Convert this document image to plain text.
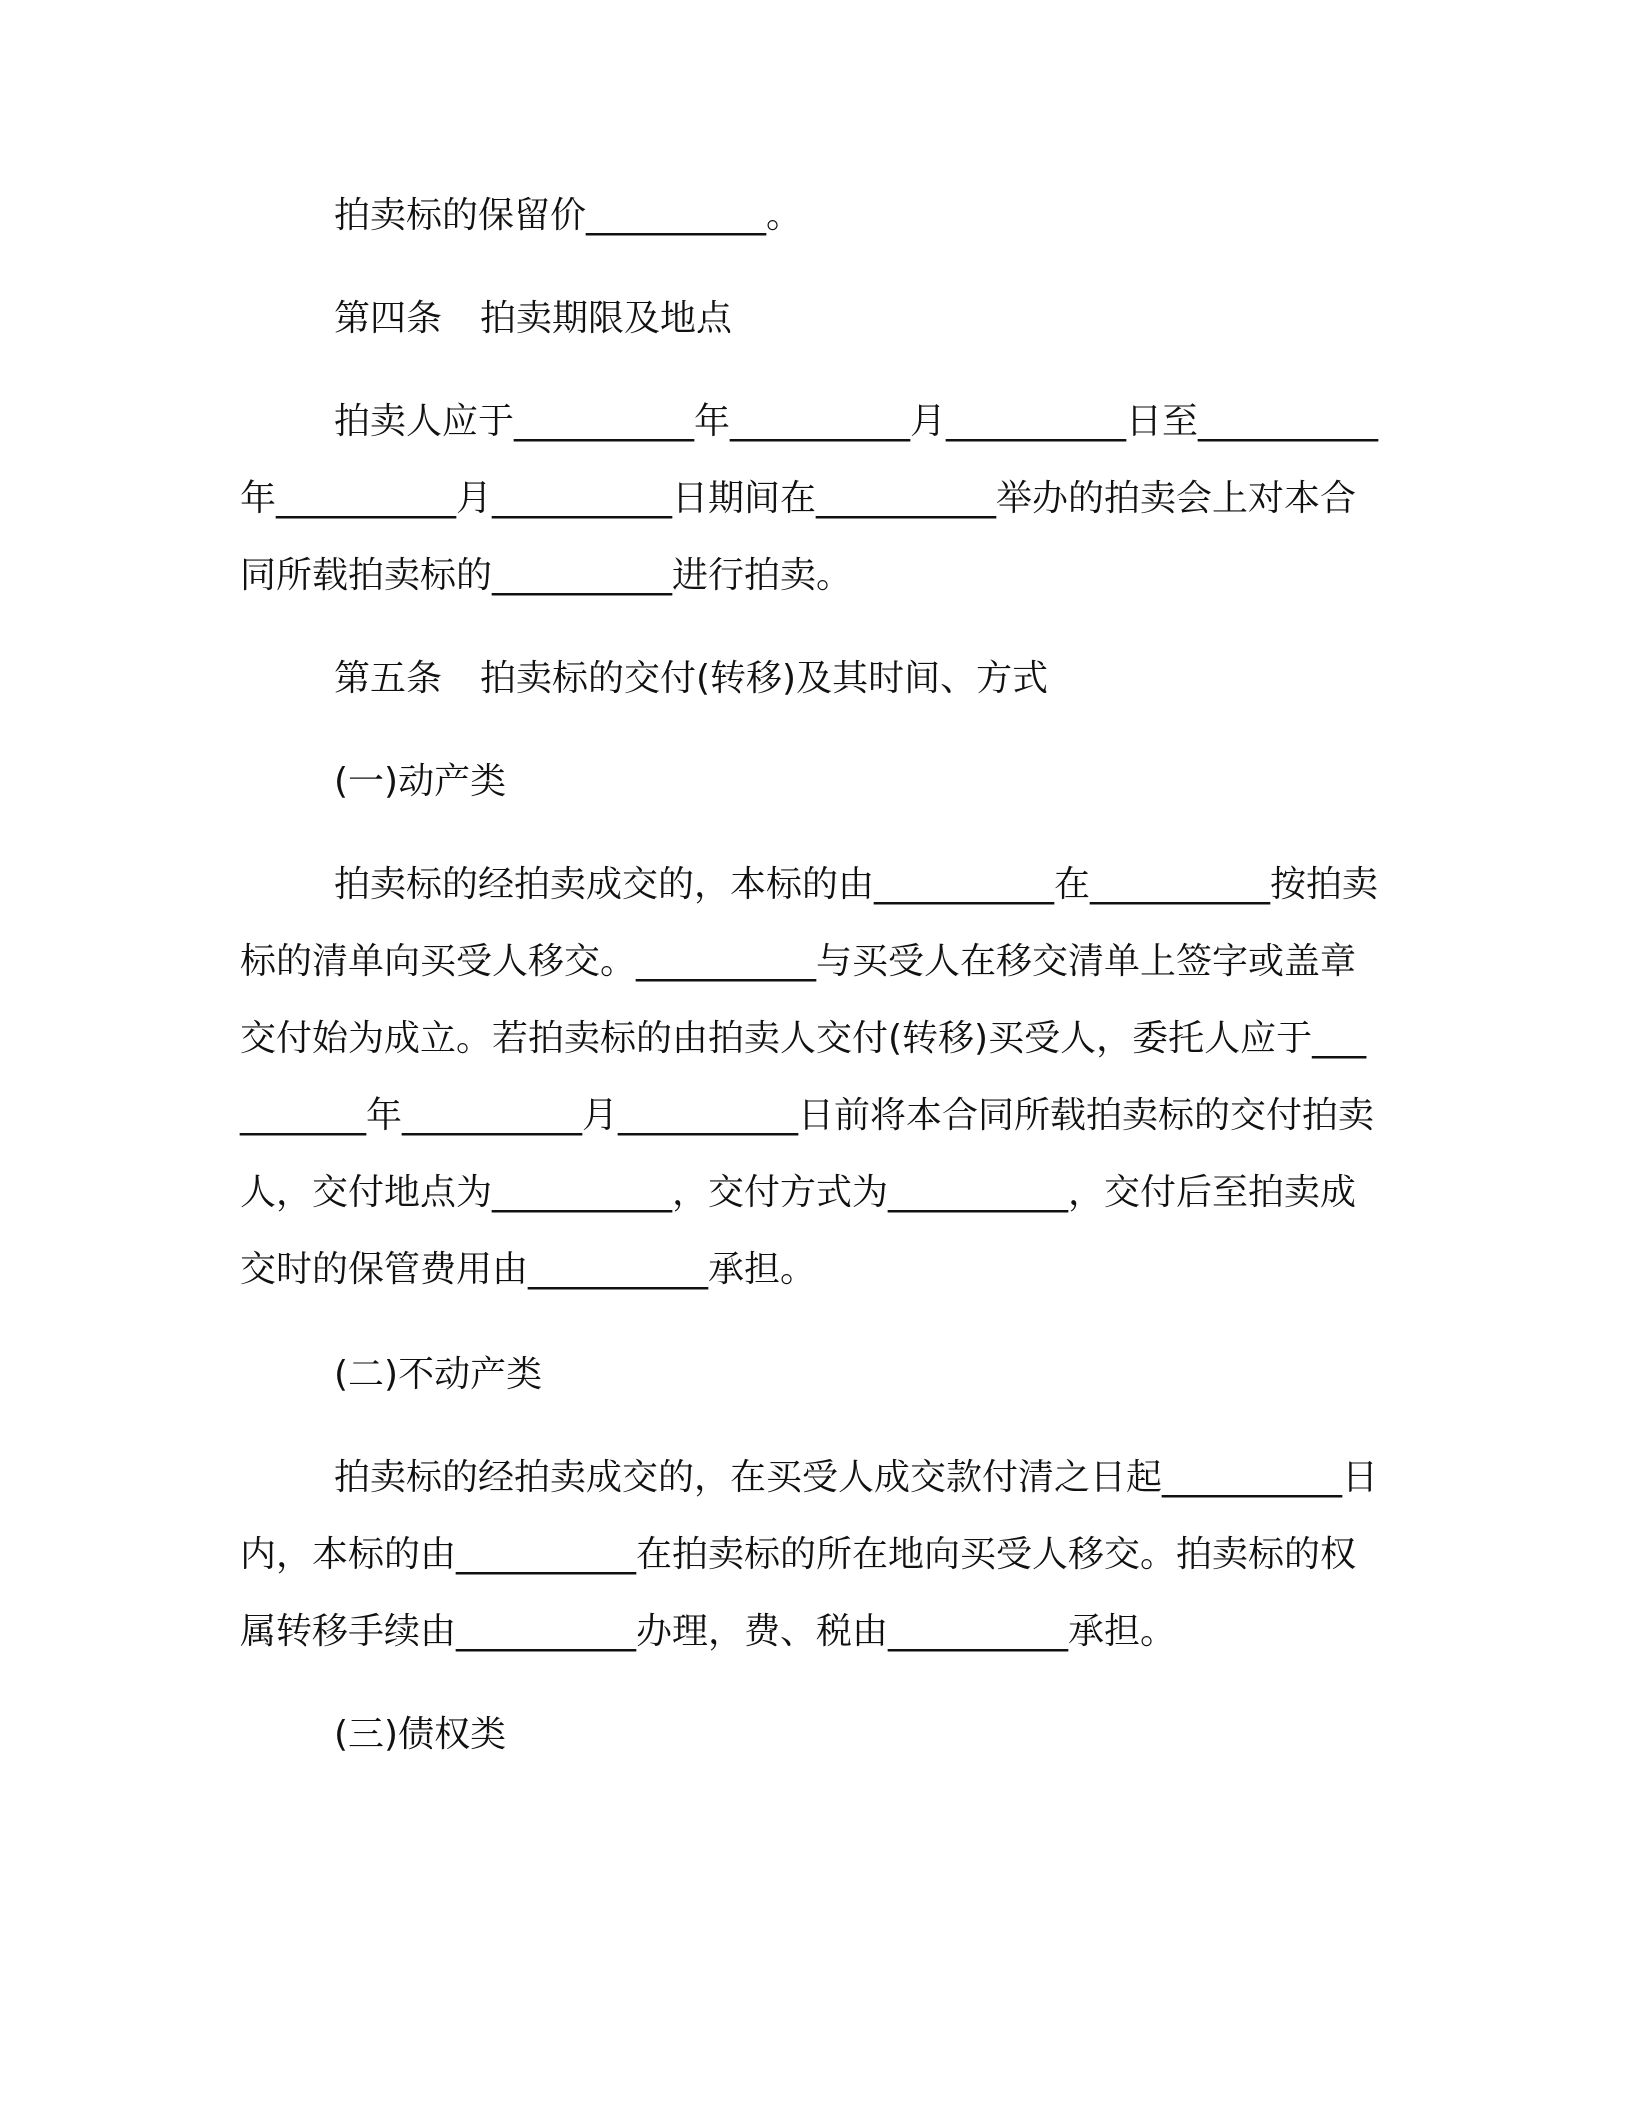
拍卖标的保留价__________。

第四条 拍卖期限及地点

拍卖人应于__________年__________月__________日至__________年__________月__________日期间在__________举办的拍卖会上对本合同所载拍卖标的__________进行拍卖。

第五条 拍卖标的交付(转移)及其时间、方式

(一)动产类

拍卖标的经拍卖成交的，本标的由__________在__________按拍卖标的清单向买受人移交。__________与买受人在移交清单上签字或盖章交付始为成立。若拍卖标的由拍卖人交付(转移)买受人，委托人应于__________年__________月__________日前将本合同所载拍卖标的交付拍卖人，交付地点为__________，交付方式为__________，交付后至拍卖成交时的保管费用由__________承担。

(二)不动产类

拍卖标的经拍卖成交的，在买受人成交款付清之日起__________日内，本标的由__________在拍卖标的所在地向买受人移交。拍卖标的权属转移手续由__________办理，费、税由__________承担。

(三)债权类
